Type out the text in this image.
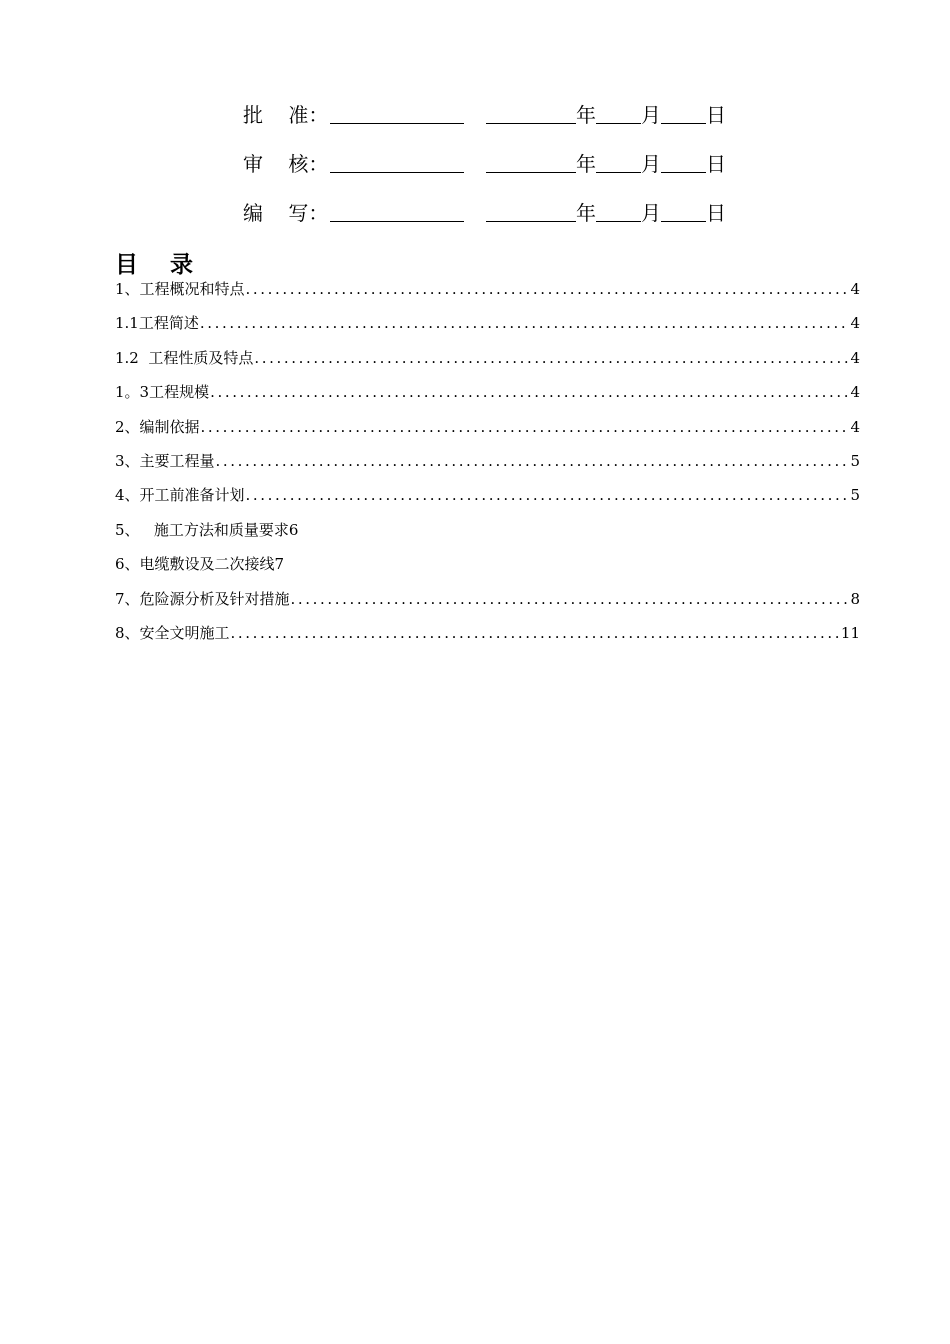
批    准：	年 月 日
审    核：	年 月 日
编    写：	年 月 日
目    录
1、工程概况和特点 .....	4
1.1工程简述 .....	4
1.2  工程性质及特点 .....	4
1。3工程规模 .....	4
2、编制依据 .....	4
3、主要工程量 .....	5
4、开工前准备计划 .....	5
5、   施工方法和质量要求6
6、电缆敷设及二次接线7
7、危险源分析及针对措施 .....	8
8、安全文明施工 .....	11
